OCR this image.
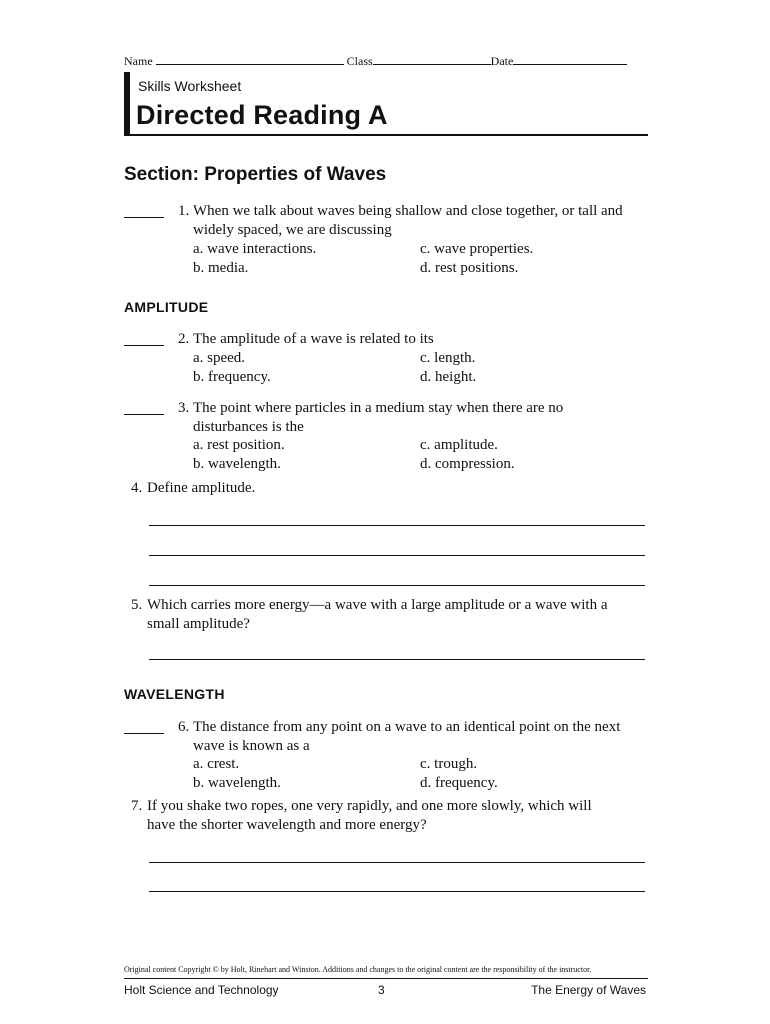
Name	Class	Date
Skills Worksheet
Directed Reading A
Section: Properties of Waves
1. When we talk about waves being shallow and close together, or tall and
widely spaced, we are discussing
a. wave interactions.
b. media.
c. wave properties.
d. rest positions.
AMPLITUDE
2. The amplitude of a wave is related to its
a. speed.
b. frequency.
c. length.
d. height.
3. The point where particles in a medium stay when there are no
disturbances is the
a. rest position.
b. wavelength.
c. amplitude.
d. compression.
4. Define amplitude.
5. Which carries more energy—a wave with a large amplitude or a wave with a
small amplitude?
WAVELENGTH
6. The distance from any point on a wave to an identical point on the next
wave is known as a
a. crest.
b. wavelength.
c. trough.
d. frequency.
7. If you shake two ropes, one very rapidly, and one more slowly, which will
have the shorter wavelength and more energy?
Original content Copyright © by Holt, Rinehart and Winston. Additions and changes to the original content are the responsibility of the instructor.
Holt Science and Technology	3	The Energy of Waves
